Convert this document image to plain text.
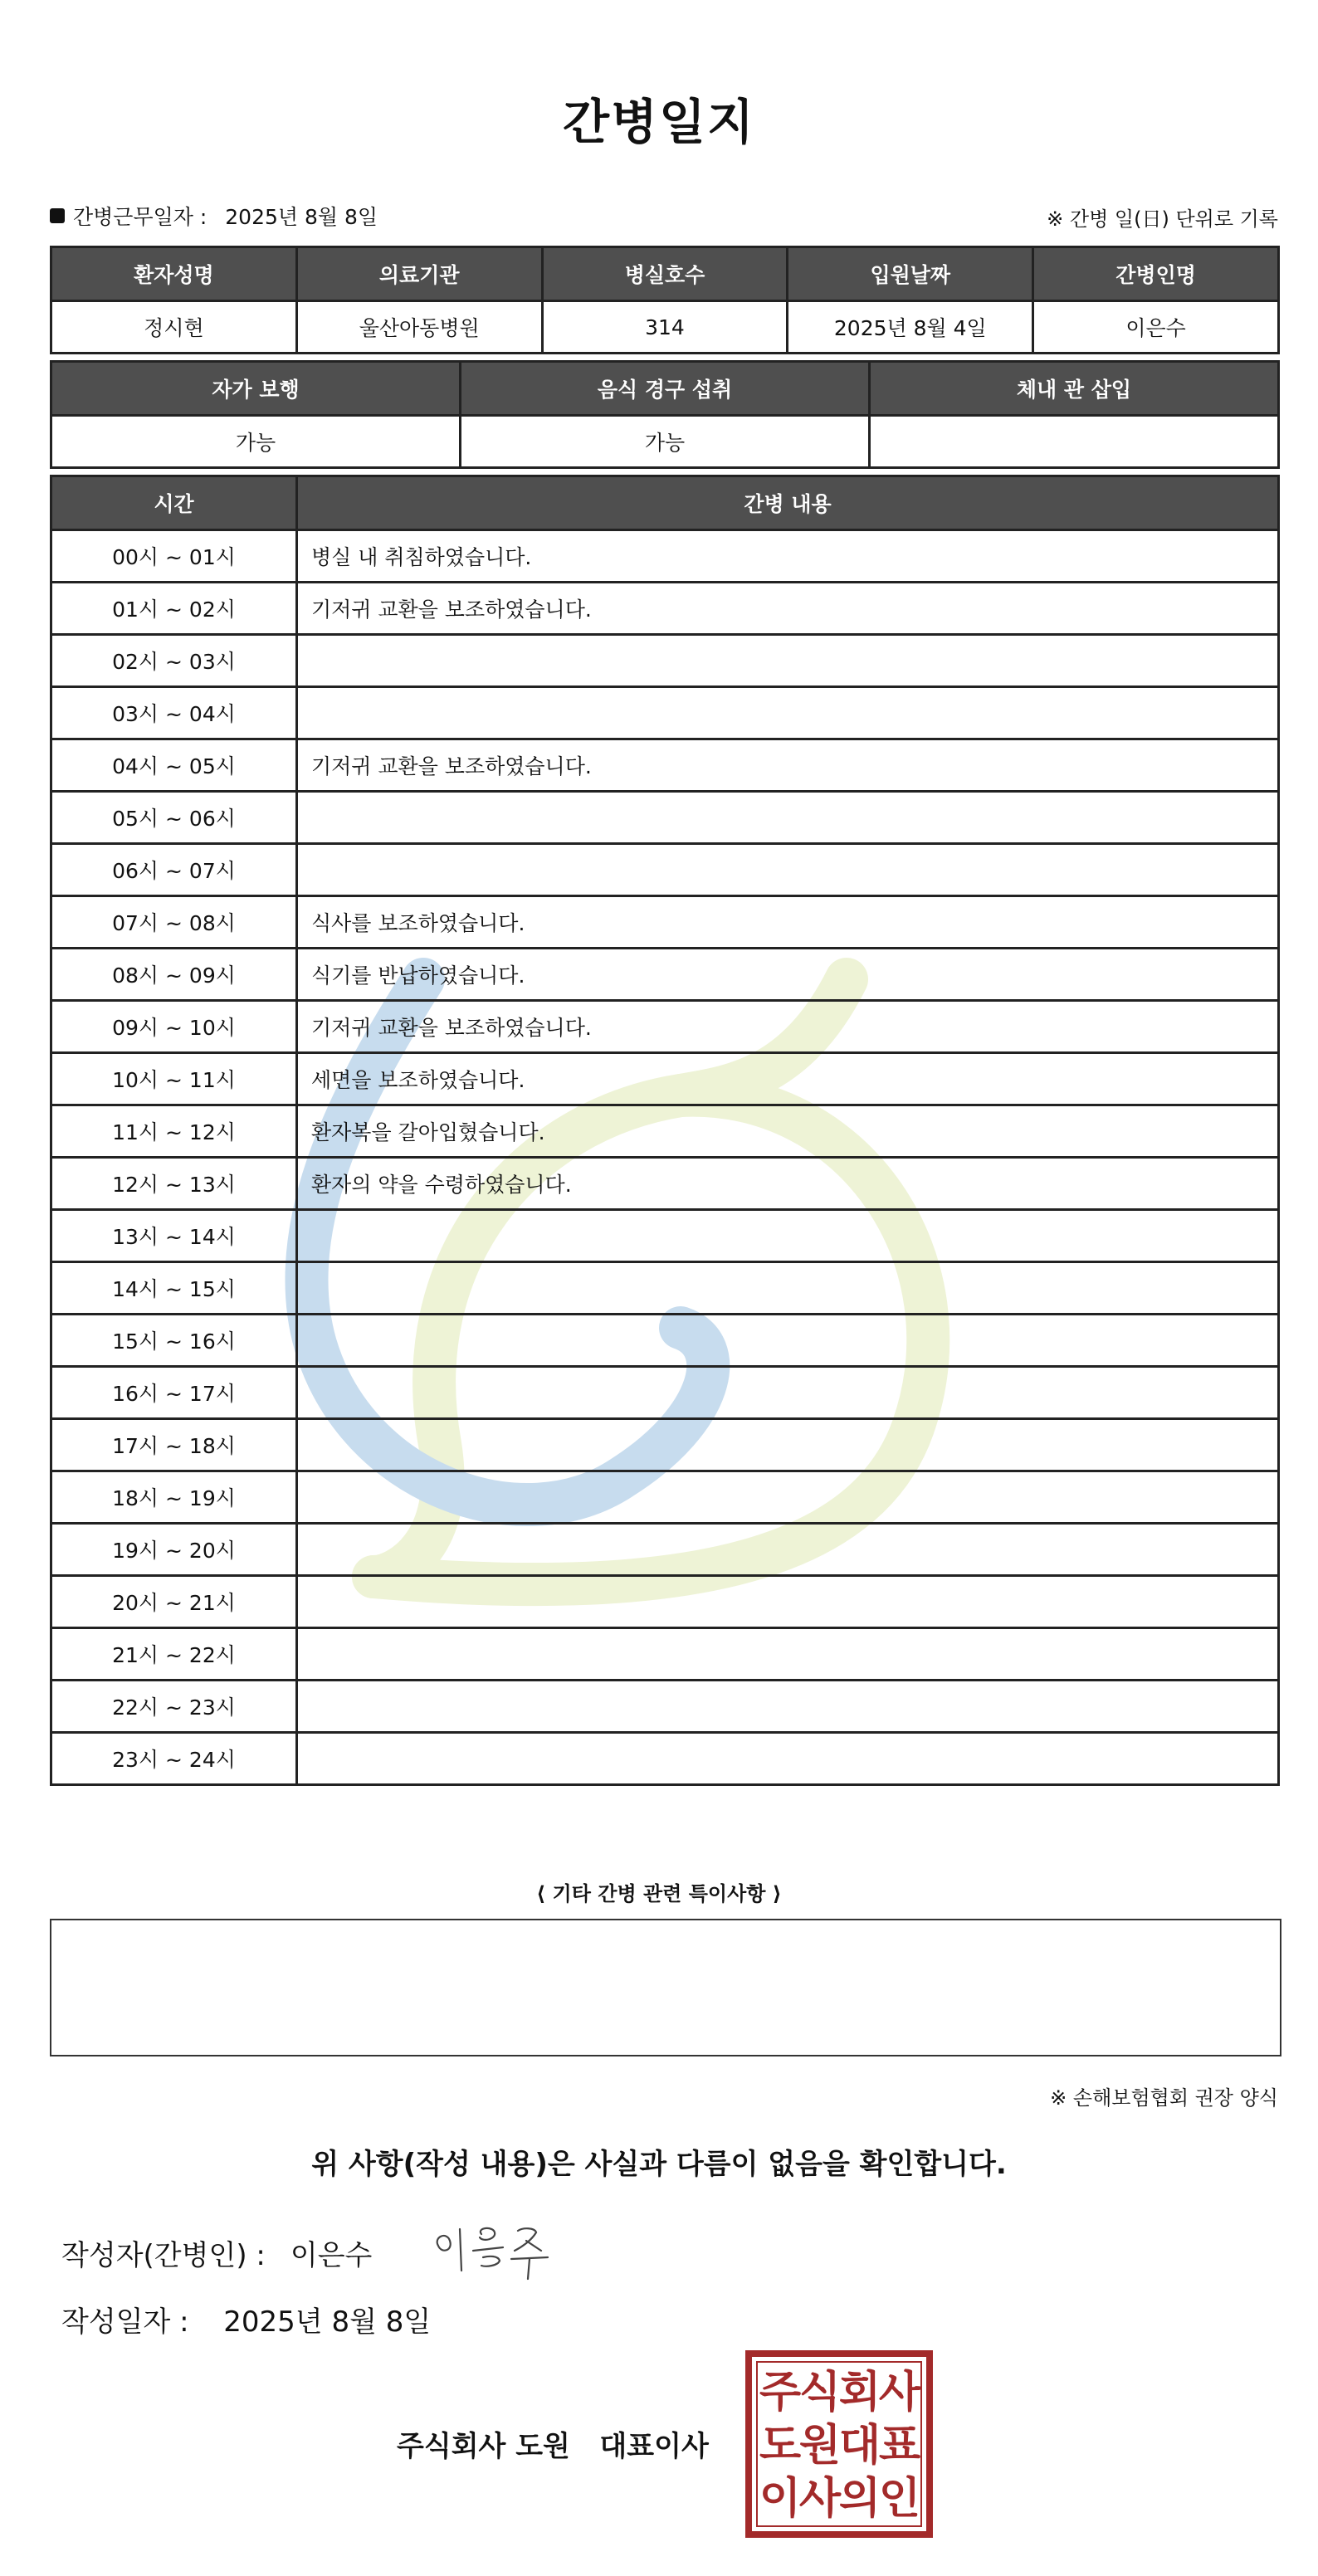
간병일지
간병근무일자 : 2025년 8월 8일	※ 간병 일(日) 단위로 기록
환자성명	의료기관	병실호수	입원날짜	간병인명
정시현	울산아동병원	314	2025년 8월 4일	이은수
자가 보행	음식 경구 섭취	체내 관 삽입
가능	가능	
시간	간병 내용
00시 ~ 01시	병실 내 취침하였습니다.
01시 ~ 02시	기저귀 교환을 보조하였습니다.
02시 ~ 03시	
03시 ~ 04시	
04시 ~ 05시	기저귀 교환을 보조하였습니다.
05시 ~ 06시	
06시 ~ 07시	
07시 ~ 08시	식사를 보조하였습니다.
08시 ~ 09시	식기를 반납하였습니다.
09시 ~ 10시	기저귀 교환을 보조하였습니다.
10시 ~ 11시	세면을 보조하였습니다.
11시 ~ 12시	환자복을 갈아입혔습니다.
12시 ~ 13시	환자의 약을 수령하였습니다.
13시 ~ 14시	
14시 ~ 15시	
15시 ~ 16시	
16시 ~ 17시	
17시 ~ 18시	
18시 ~ 19시	
19시 ~ 20시	
20시 ~ 21시	
21시 ~ 22시	
22시 ~ 23시	
23시 ~ 24시	
⟨ 기타 간병 관련 특이사항 ⟩
※ 손해보험협회 권장 양식
위 사항(작성 내용)은 사실과 다름이 없음을 확인합니다.
작성자(간병인) : 이은수
작성일자 : 2025년 8월 8일
주식회사 도원   대표이사
주
식
회
사
도
원
대
표
이
사
의
인
